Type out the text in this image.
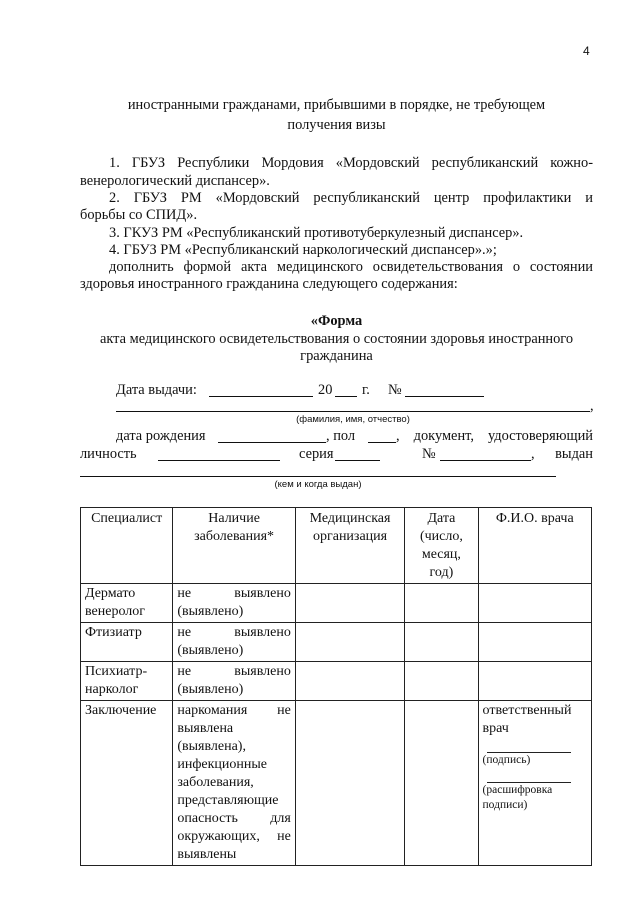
4
иностранными гражданами, прибывшими в порядке, не требующем
получения визы
1. ГБУЗ Республики Мордовия «Мордовский республиканский кожно-
венерологический диспансер».
2. ГБУЗ РМ «Мордовский республиканский центр профилактики и
борьбы со СПИД».
3. ГКУЗ РМ «Республиканский противотуберкулезный диспансер».
4. ГБУЗ РМ «Республиканский наркологический диспансер».»;
дополнить формой акта медицинского освидетельствования о состоянии
здоровья иностранного гражданина следующего содержания:
«Форма
акта медицинского освидетельствования о состоянии здоровья иностранного
гражданина
Дата выдачи:	20 г. №
,
(фамилия, имя, отчество)
дата рождения	, пол	, документ, удостоверяющий
личность	серия	№	, выдан
(кем и когда выдан)
Специалист	Наличие заболевания*	Медицинская организация	Дата (число, месяц, год)	Ф.И.О. врача
Дермато венеролог	не выявлено (выявлено)			
Фтизиатр	не выявлено (выявлено)			
Психиатр-нарколог	не выявлено (выявлено)			
Заключение	наркомания не выявлена (выявлена), инфекционные заболевания, представляющие опасность для окружающих, не выявлены			ответственный врач
(подпись)
(расшифровка подписи)
